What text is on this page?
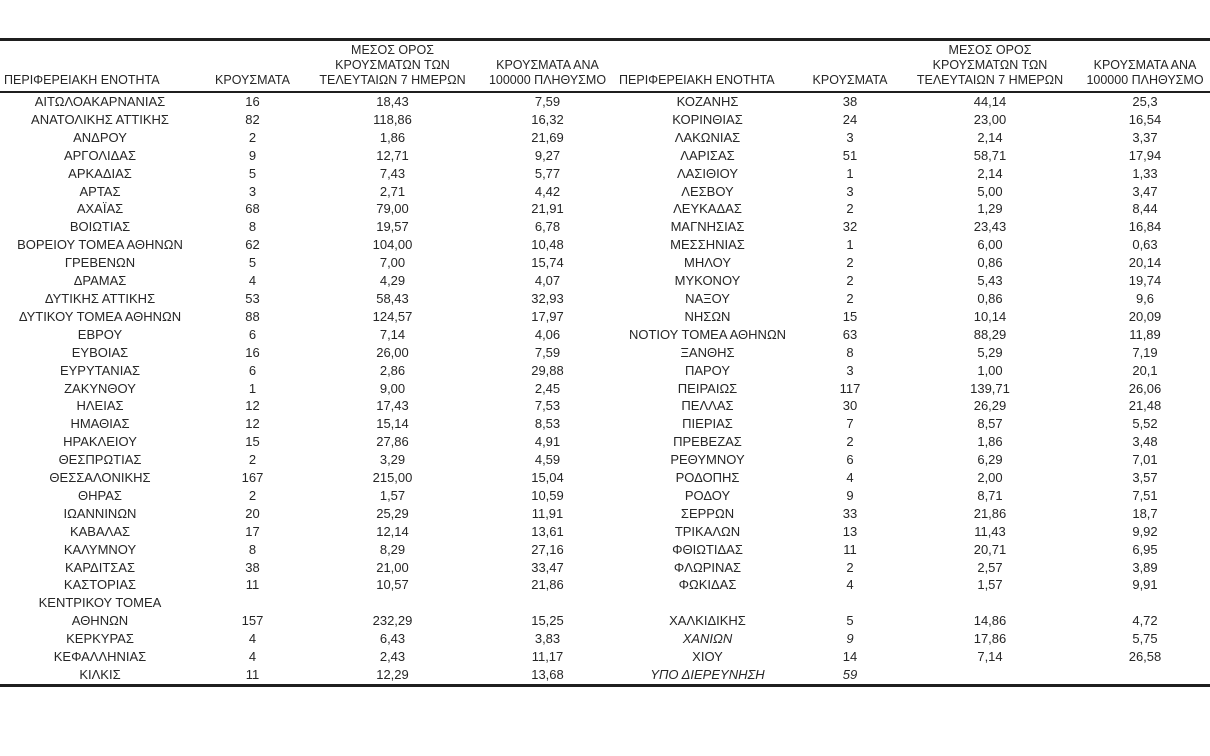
ΠΕΡΙΦΕΡΕΙΑΚΗ ΕΝΟΤΗΤΑ	ΚΡΟΥΣΜΑΤΑ	ΜΕΣΟΣ ΟΡΟΣ
ΚΡΟΥΣΜΑΤΩΝ ΤΩΝ
ΤΕΛΕΥΤΑΙΩΝ 7 ΗΜΕΡΩΝ	ΚΡΟΥΣΜΑΤΑ ΑΝΑ
100000 ΠΛΗΘΥΣΜΟ	ΠΕΡΙΦΕΡΕΙΑΚΗ ΕΝΟΤΗΤΑ	ΚΡΟΥΣΜΑΤΑ	ΜΕΣΟΣ ΟΡΟΣ
ΚΡΟΥΣΜΑΤΩΝ ΤΩΝ
ΤΕΛΕΥΤΑΙΩΝ 7 ΗΜΕΡΩΝ	ΚΡΟΥΣΜΑΤΑ ΑΝΑ
100000 ΠΛΗΘΥΣΜΟ
ΑΙΤΩΛΟΑΚΑΡΝΑΝΙΑΣ	16	18,43	7,59	ΚΟΖΑΝΗΣ	38	44,14	25,3
ΑΝΑΤΟΛΙΚΗΣ ΑΤΤΙΚΗΣ	82	118,86	16,32	ΚΟΡΙΝΘΙΑΣ	24	23,00	16,54
ΑΝΔΡΟΥ	2	1,86	21,69	ΛΑΚΩΝΙΑΣ	3	2,14	3,37
ΑΡΓΟΛΙΔΑΣ	9	12,71	9,27	ΛΑΡΙΣΑΣ	51	58,71	17,94
ΑΡΚΑΔΙΑΣ	5	7,43	5,77	ΛΑΣΙΘΙΟΥ	1	2,14	1,33
ΑΡΤΑΣ	3	2,71	4,42	ΛΕΣΒΟΥ	3	5,00	3,47
ΑΧΑΪΑΣ	68	79,00	21,91	ΛΕΥΚΑΔΑΣ	2	1,29	8,44
ΒΟΙΩΤΙΑΣ	8	19,57	6,78	ΜΑΓΝΗΣΙΑΣ	32	23,43	16,84
ΒΟΡΕΙΟΥ ΤΟΜΕΑ ΑΘΗΝΩΝ	62	104,00	10,48	ΜΕΣΣΗΝΙΑΣ	1	6,00	0,63
ΓΡΕΒΕΝΩΝ	5	7,00	15,74	ΜΗΛΟΥ	2	0,86	20,14
ΔΡΑΜΑΣ	4	4,29	4,07	ΜΥΚΟΝΟΥ	2	5,43	19,74
ΔΥΤΙΚΗΣ ΑΤΤΙΚΗΣ	53	58,43	32,93	ΝΑΞΟΥ	2	0,86	9,6
ΔΥΤΙΚΟΥ ΤΟΜΕΑ ΑΘΗΝΩΝ	88	124,57	17,97	ΝΗΣΩΝ	15	10,14	20,09
ΕΒΡΟΥ	6	7,14	4,06	ΝΟΤΙΟΥ ΤΟΜΕΑ ΑΘΗΝΩΝ	63	88,29	11,89
ΕΥΒΟΙΑΣ	16	26,00	7,59	ΞΑΝΘΗΣ	8	5,29	7,19
ΕΥΡΥΤΑΝΙΑΣ	6	2,86	29,88	ΠΑΡΟΥ	3	1,00	20,1
ΖΑΚΥΝΘΟΥ	1	9,00	2,45	ΠΕΙΡΑΙΩΣ	117	139,71	26,06
ΗΛΕΙΑΣ	12	17,43	7,53	ΠΕΛΛΑΣ	30	26,29	21,48
ΗΜΑΘΙΑΣ	12	15,14	8,53	ΠΙΕΡΙΑΣ	7	8,57	5,52
ΗΡΑΚΛΕΙΟΥ	15	27,86	4,91	ΠΡΕΒΕΖΑΣ	2	1,86	3,48
ΘΕΣΠΡΩΤΙΑΣ	2	3,29	4,59	ΡΕΘΥΜΝΟΥ	6	6,29	7,01
ΘΕΣΣΑΛΟΝΙΚΗΣ	167	215,00	15,04	ΡΟΔΟΠΗΣ	4	2,00	3,57
ΘΗΡΑΣ	2	1,57	10,59	ΡΟΔΟΥ	9	8,71	7,51
ΙΩΑΝΝΙΝΩΝ	20	25,29	11,91	ΣΕΡΡΩΝ	33	21,86	18,7
ΚΑΒΑΛΑΣ	17	12,14	13,61	ΤΡΙΚΑΛΩΝ	13	11,43	9,92
ΚΑΛΥΜΝΟΥ	8	8,29	27,16	ΦΘΙΩΤΙΔΑΣ	11	20,71	6,95
ΚΑΡΔΙΤΣΑΣ	38	21,00	33,47	ΦΛΩΡΙΝΑΣ	2	2,57	3,89
ΚΑΣΤΟΡΙΑΣ	11	10,57	21,86	ΦΩΚΙΔΑΣ	4	1,57	9,91
ΚΕΝΤΡΙΚΟΥ ΤΟΜΕΑ							
ΑΘΗΝΩΝ	157	232,29	15,25	ΧΑΛΚΙΔΙΚΗΣ	5	14,86	4,72
ΚΕΡΚΥΡΑΣ	4	6,43	3,83	ΧΑΝΙΩΝ	9	17,86	5,75
ΚΕΦΑΛΛΗΝΙΑΣ	4	2,43	11,17	ΧΙΟΥ	14	7,14	26,58
ΚΙΛΚΙΣ	11	12,29	13,68	ΥΠΟ ΔΙΕΡΕΥΝΗΣΗ	59		
